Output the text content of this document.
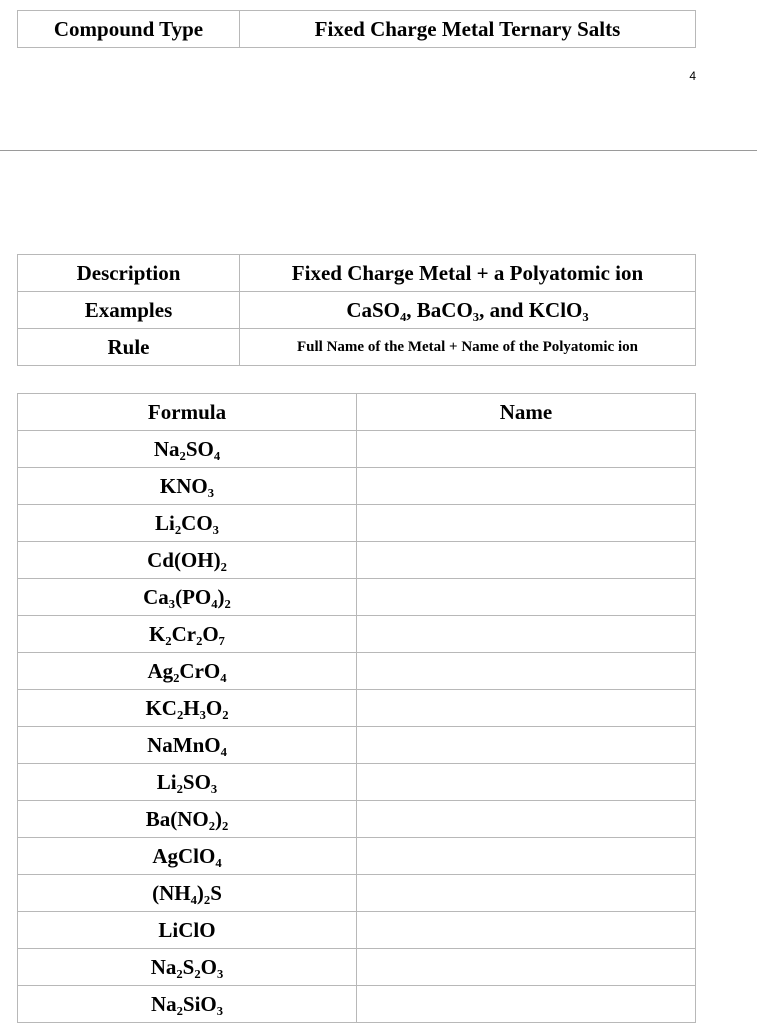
Compound Type	Fixed Charge Metal Ternary Salts
4
Description	Fixed Charge Metal + a Polyatomic ion
Examples	CaSO₄, BaCO₃, and KClO₃
Rule	Full Name of the Metal + Name of the Polyatomic ion
Formula	Name
Na₂SO₄	
KNO₃	
Li₂CO₃	
Cd(OH)₂	
Ca₃(PO₄)₂	
K₂Cr₂O₇	
Ag₂CrO₄	
KC₂H₃O₂	
NaMnO₄	
Li₂SO₃	
Ba(NO₂)₂	
AgClO₄	
(NH₄)₂S	
LiClO	
Na₂S₂O₃	
Na₂SiO₃	
